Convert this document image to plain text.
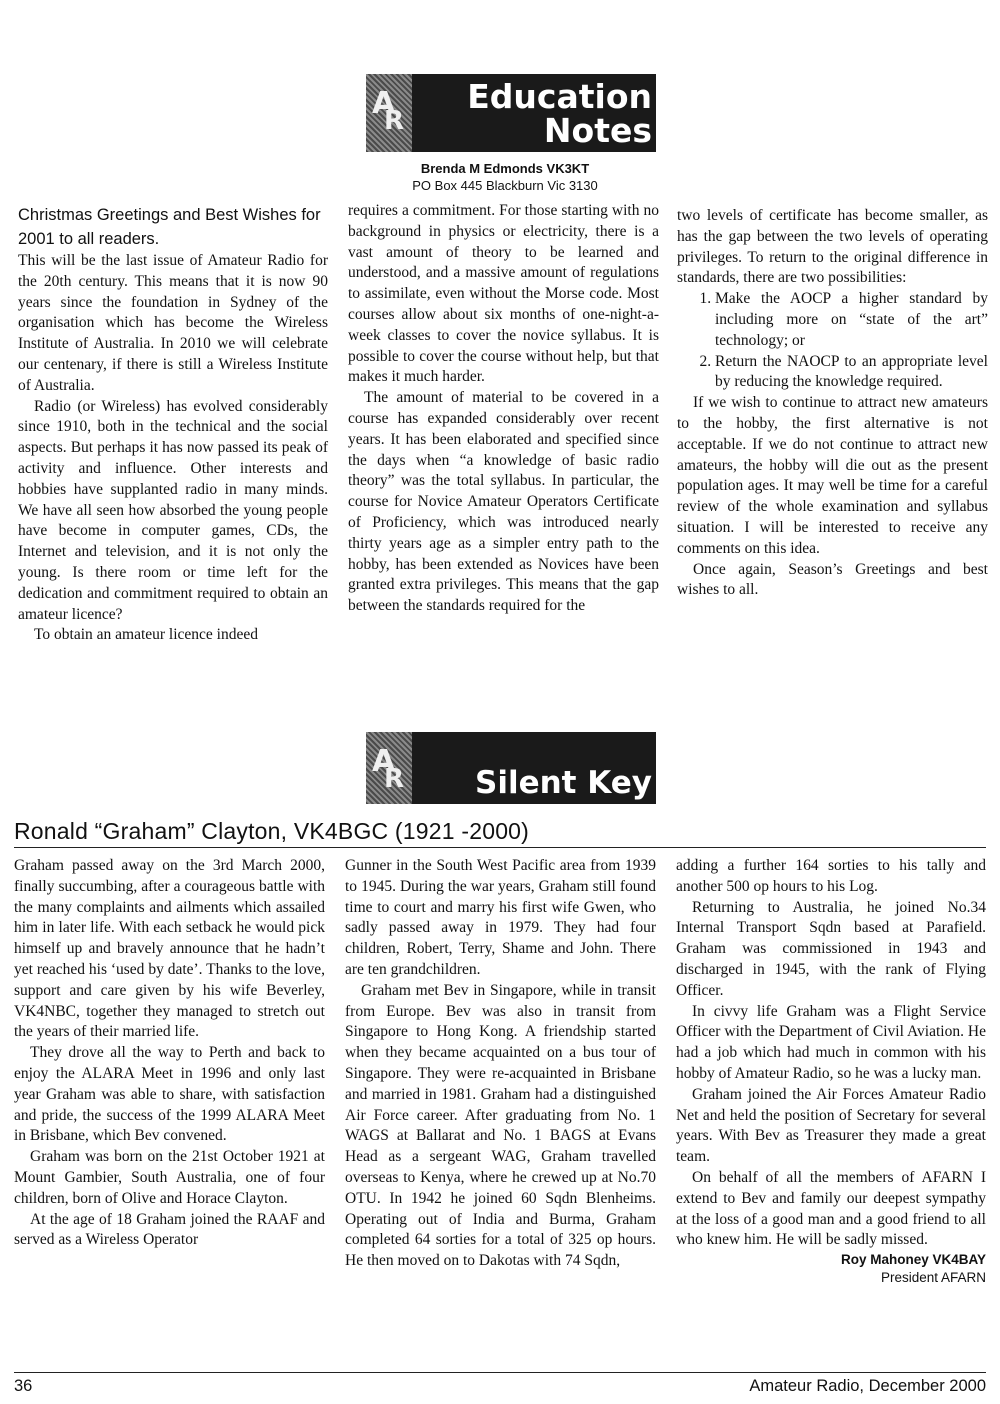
A
R
Education
Notes
Brenda M Edmonds VK3KT
PO Box 445 Blackburn Vic 3130
Christmas Greetings and Best Wishes for 2001 to all readers.

This will be the last issue of Amateur Radio for the 20th century. This means that it is now 90 years since the foundation in Sydney of the organisation which has become the Wireless Institute of Australia. In 2010 we will celebrate our centenary, if there is still a Wireless Institute of Australia.

Radio (or Wireless) has evolved considerably since 1910, both in the technical and the social aspects. But perhaps it has now passed its peak of activity and influence. Other interests and hobbies have supplanted radio in many minds. We have all seen how absorbed the young people have become in computer games, CDs, the Internet and television, and it is not only the young. Is there room or time left for the dedication and commitment required to obtain an amateur licence?

To obtain an amateur licence indeed

requires a commitment. For those starting with no background in physics or electricity, there is a vast amount of theory to be learned and understood, and a massive amount of regulations to assimilate, even without the Morse code. Most courses allow about six months of one-night-a-week classes to cover the novice syllabus. It is possible to cover the course without help, but that makes it much harder.

The amount of material to be covered in a course has expanded considerably over recent years. It has been elaborated and specified since the days when “a knowledge of basic radio theory” was the total syllabus. In particular, the course for Novice Amateur Operators Certificate of Proficiency, which was introduced nearly thirty years age as a simpler entry path to the hobby, has been extended as Novices have been granted extra privileges. This means that the gap between the standards required for the

two levels of certificate has become smaller, as has the gap between the two levels of operating privileges. To return to the original difference in standards, there are two possibilities:

1. Make the AOCP a higher standard by including more on “state of the art” technology; or
2. Return the NAOCP to an appropriate level by reducing the knowledge required.

If we wish to continue to attract new amateurs to the hobby, the first alternative is not acceptable. If we do not continue to attract new amateurs, the hobby will die out as the present population ages. It may well be time for a careful review of the whole examination and syllabus situation. I will be interested to receive any comments on this idea.

Once again, Season’s Greetings and best wishes to all.

A
R Silent Key
Ronald “Graham” Clayton, VK4BGC (1921 -2000)

Graham passed away on the 3rd March 2000, finally succumbing, after a courageous battle with the many complaints and ailments which assailed him in later life. With each setback he would pick himself up and bravely announce that he hadn’t yet reached his ‘used by date’. Thanks to the love, support and care given by his wife Beverley, VK4NBC, together they managed to stretch out the years of their married life.

They drove all the way to Perth and back to enjoy the ALARA Meet in 1996 and only last year Graham was able to share, with satisfaction and pride, the success of the 1999 ALARA Meet in Brisbane, which Bev convened.

Graham was born on the 21st October 1921 at Mount Gambier, South Australia, one of four children, born of Olive and Horace Clayton.

At the age of 18 Graham joined the RAAF and served as a Wireless Operator

Gunner in the South West Pacific area from 1939 to 1945. During the war years, Graham still found time to court and marry his first wife Gwen, who sadly passed away in 1979. They had four children, Robert, Terry, Shame and John. There are ten grandchildren.

Graham met Bev in Singapore, while in transit from Europe. Bev was also in transit from Singapore to Hong Kong. A friendship started when they became acquainted on a bus tour of Singapore. They were re-acquainted in Brisbane and married in 1981. Graham had a distinguished Air Force career. After graduating from No. 1 WAGS at Ballarat and No. 1 BAGS at Evans Head as a sergeant WAG, Graham travelled overseas to Kenya, where he crewed up at No.70 OTU. In 1942 he joined 60 Sqdn Blenheims. Operating out of India and Burma, Graham completed 64 sorties for a total of 325 op hours. He then moved on to Dakotas with 74 Sqdn,

adding a further 164 sorties to his tally and another 500 op hours to his Log.

Returning to Australia, he joined No.34 Internal Transport Sqdn based at Parafield. Graham was commissioned in 1943 and discharged in 1945, with the rank of Flying Officer.

In civvy life Graham was a Flight Service Officer with the Department of Civil Aviation. He had a job which had much in common with his hobby of Amateur Radio, so he was a lucky man.

Graham joined the Air Forces Amateur Radio Net and held the position of Secretary for several years. With Bev as Treasurer they made a great team.

On behalf of all the members of AFARN I extend to Bev and family our deepest sympathy at the loss of a good man and a good friend to all who knew him. He will be sadly missed.

Roy Mahoney VK4BAY
President AFARN
36	Amateur Radio, December 2000
